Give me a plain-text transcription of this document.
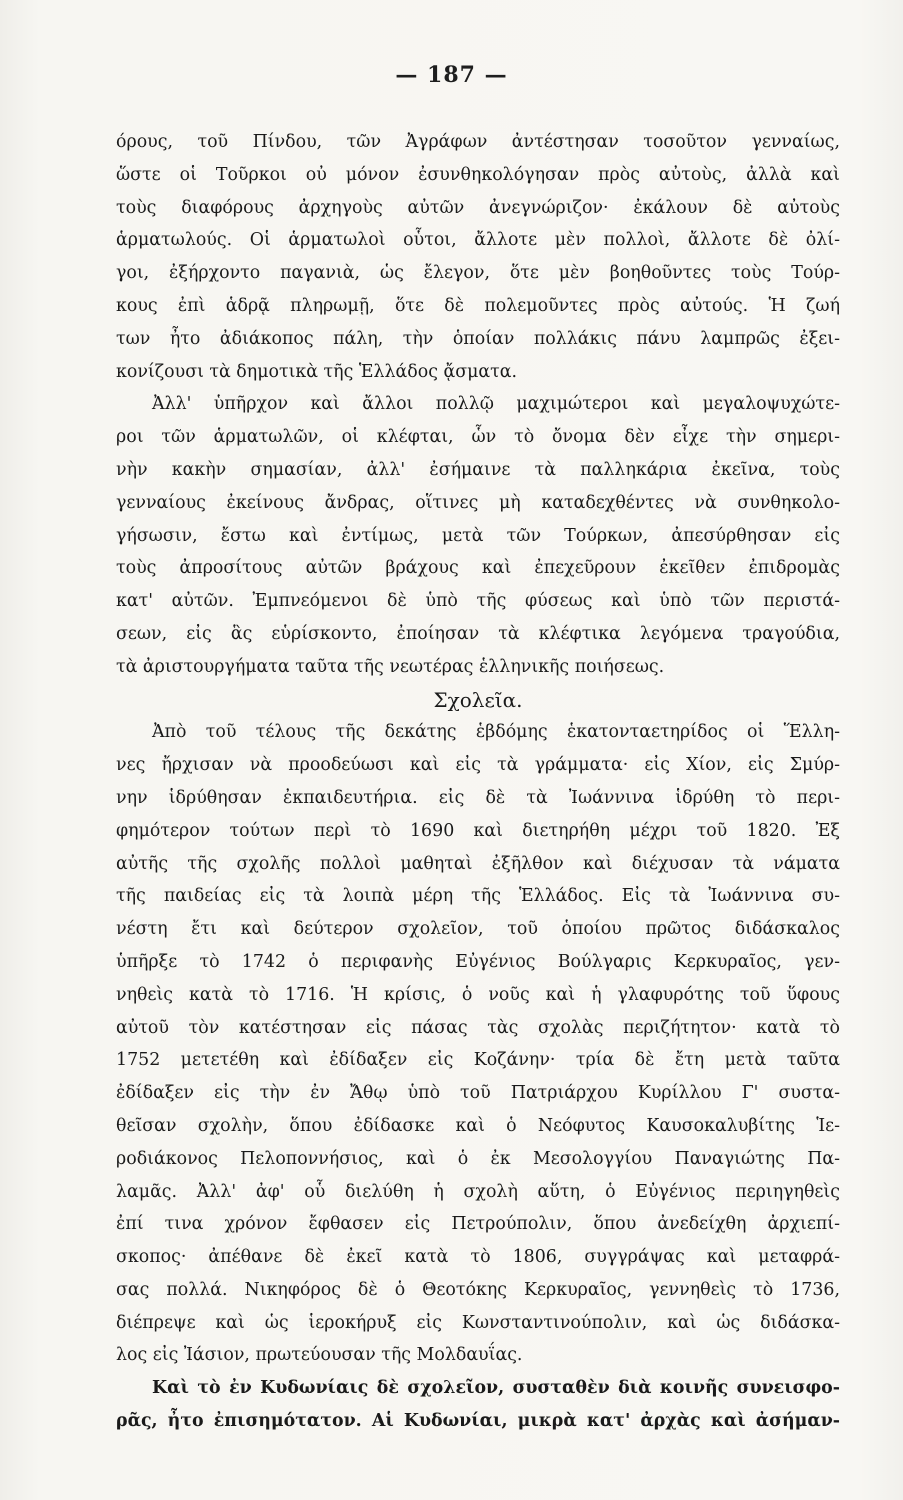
— 187 —
όρους, τοῦ Πίνδου, τῶν Ἀγράφων ἀντέστησαν τοσοῦτον γενναίως,
ὥστε οἱ Τοῦρκοι οὐ μόνον ἐσυνθηκολόγησαν πρὸς αὐτοὺς, ἀλλὰ καὶ
τοὺς διαφόρους ἀρχηγοὺς αὐτῶν ἀνεγνώριζον· ἐκάλουν δὲ αὐτοὺς
ἁρματωλούς. Οἱ ἁρματωλοὶ οὗτοι, ἄλλοτε μὲν πολλοὶ, ἄλλοτε δὲ ὀλί-
γοι, ἐξήρχοντο παγανιὰ, ὡς ἔλεγον, ὅτε μὲν βοηθοῦντες τοὺς Τούρ-
κους ἐπὶ ἁδρᾷ πληρωμῇ, ὅτε δὲ πολεμοῦντες πρὸς αὐτούς. Ἡ ζωή
των ἦτο ἀδιάκοπος πάλη, τὴν ὁποίαν πολλάκις πάνυ λαμπρῶς ἐξει-
κονίζουσι τὰ δημοτικὰ τῆς Ἑλλάδος ᾄσματα.
Ἀλλ' ὑπῆρχον καὶ ἄλλοι πολλῷ μαχιμώτεροι καὶ μεγαλοψυχώτε-
ροι τῶν ἁρματωλῶν, οἱ κλέφται, ὧν τὸ ὄνομα δὲν εἶχε τὴν σημερι-
νὴν κακὴν σημασίαν, ἀλλ' ἐσήμαινε τὰ παλληκάρια ἐκεῖνα, τοὺς
γενναίους ἐκείνους ἄνδρας, οἵτινες μὴ καταδεχθέντες νὰ συνθηκολο-
γήσωσιν, ἔστω καὶ ἐντίμως, μετὰ τῶν Τούρκων, ἀπεσύρθησαν εἰς
τοὺς ἀπροσίτους αὐτῶν βράχους καὶ ἐπεχεῦρουν ἐκεῖθεν ἐπιδρομὰς
κατ' αὐτῶν. Ἐμπνεόμενοι δὲ ὑπὸ τῆς φύσεως καὶ ὑπὸ τῶν περιστά-
σεων, εἰς ἃς εὑρίσκοντο, ἐποίησαν τὰ κλέφτικα λεγόμενα τραγούδια,
τὰ ἀριστουργήματα ταῦτα τῆς νεωτέρας ἑλληνικῆς ποιήσεως.
Σχολεῖα.
Ἀπὸ τοῦ τέλους τῆς δεκάτης ἑβδόμης ἑκατονταετηρίδος οἱ Ἕλλη-
νες ἤρχισαν νὰ προοδεύωσι καὶ εἰς τὰ γράμματα· εἰς Χίον, εἰς Σμύρ-
νην ἱδρύθησαν ἐκπαιδευτήρια. εἰς δὲ τὰ Ἰωάννινα ἱδρύθη τὸ περι-
φημότερον τούτων περὶ τὸ 1690 καὶ διετηρήθη μέχρι τοῦ 1820. Ἐξ
αὐτῆς τῆς σχολῆς πολλοὶ μαθηταὶ ἐξῆλθον καὶ διέχυσαν τὰ νάματα
τῆς παιδείας εἰς τὰ λοιπὰ μέρη τῆς Ἑλλάδος. Εἰς τὰ Ἰωάννινα συ-
νέστη ἔτι καὶ δεύτερον σχολεῖον, τοῦ ὁποίου πρῶτος διδάσκαλος
ὑπῆρξε τὸ 1742 ὁ περιφανὴς Εὐγένιος Βούλγαρις Κερκυραῖος, γεν-
νηθεὶς κατὰ τὸ 1716. Ἡ κρίσις, ὁ νοῦς καὶ ἡ γλαφυρότης τοῦ ὕφους
αὐτοῦ τὸν κατέστησαν εἰς πάσας τὰς σχολὰς περιζήτητον· κατὰ τὸ
1752 μετετέθη καὶ ἐδίδαξεν εἰς Κοζάνην· τρία δὲ ἔτη μετὰ ταῦτα
ἐδίδαξεν εἰς τὴν ἐν Ἄθῳ ὑπὸ τοῦ Πατριάρχου Κυρίλλου Γ' συστα-
θεῖσαν σχολὴν, ὅπου ἐδίδασκε καὶ ὁ Νεόφυτος Καυσοκαλυβίτης Ἱε-
ροδιάκονος Πελοποννήσιος, καὶ ὁ ἐκ Μεσολογγίου Παναγιώτης Πα-
λαμᾶς. Ἀλλ' ἀφ' οὗ διελύθη ἡ σχολὴ αὕτη, ὁ Εὐγένιος περιηγηθεὶς
ἐπί τινα χρόνον ἔφθασεν εἰς Πετρούπολιν, ὅπου ἀνεδείχθη ἀρχιεπί-
σκοπος· ἀπέθανε δὲ ἐκεῖ κατὰ τὸ 1806, συγγράψας καὶ μεταφρά-
σας πολλά. Νικηφόρος δὲ ὁ Θεοτόκης Κερκυραῖος, γεννηθεὶς τὸ 1736,
διέπρεψε καὶ ὡς ἱεροκήρυξ εἰς Κωνσταντινούπολιν, καὶ ὡς διδάσκα-
λος εἰς Ἰάσιον, πρωτεύουσαν τῆς Μολδαυΐας.
Καὶ τὸ ἐν Κυδωνίαις δὲ σχολεῖον, συσταθὲν διὰ κοινῆς συνεισφο-
ρᾶς, ἦτο ἐπισημότατον. Αἱ Κυδωνίαι, μικρὰ κατ' ἀρχὰς καὶ ἀσήμαν-
